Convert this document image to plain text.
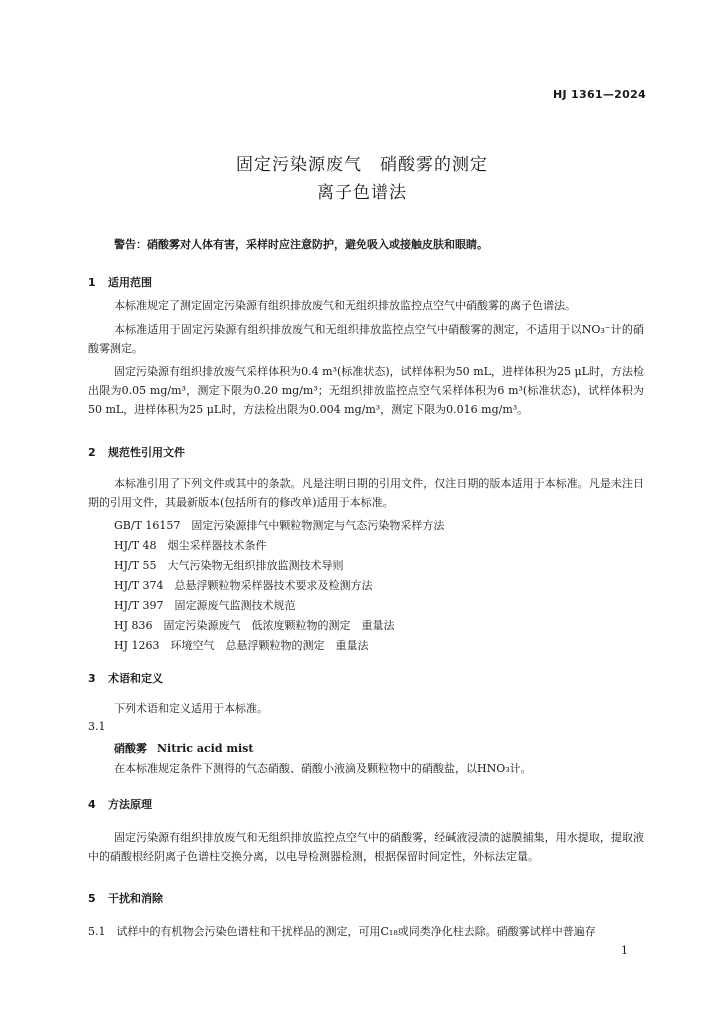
HJ 1361—2024
固定污染源废气　硝酸雾的测定
离子色谱法
警告：硝酸雾对人体有害，采样时应注意防护，避免吸入或接触皮肤和眼睛。
1 适用范围
本标准规定了测定固定污染源有组织排放废气和无组织排放监控点空气中硝酸雾的离子色谱法。
本标准适用于固定污染源有组织排放废气和无组织排放监控点空气中硝酸雾的测定，不适用于以NO₃⁻计的硝酸雾测定。
固定污染源有组织排放废气采样体积为0.4 m³(标准状态)，试样体积为50 mL，进样体积为25 μL时，方法检出限为0.05 mg/m³，测定下限为0.20 mg/m³；无组织排放监控点空气采样体积为6 m³(标准状态)，试样体积为50 mL，进样体积为25 μL时，方法检出限为0.004 mg/m³，测定下限为0.016 mg/m³。
2 规范性引用文件
本标准引用了下列文件或其中的条款。凡是注明日期的引用文件，仅注日期的版本适用于本标准。凡是未注日期的引用文件，其最新版本(包括所有的修改单)适用于本标准。
GB/T 16157　固定污染源排气中颗粒物测定与气态污染物采样方法
HJ/T 48　烟尘采样器技术条件
HJ/T 55　大气污染物无组织排放监测技术导则
HJ/T 374　总悬浮颗粒物采样器技术要求及检测方法
HJ/T 397　固定源废气监测技术规范
HJ 836　固定污染源废气　低浓度颗粒物的测定　重量法
HJ 1263　环境空气　总悬浮颗粒物的测定　重量法
3 术语和定义
下列术语和定义适用于本标准。
3.1
硝酸雾 Nitric acid mist
在本标准规定条件下测得的气态硝酸、硝酸小液滴及颗粒物中的硝酸盐，以HNO₃计。
4 方法原理
固定污染源有组织排放废气和无组织排放监控点空气中的硝酸雾，经碱液浸渍的滤膜捕集，用水提取，提取液中的硝酸根经阴离子色谱柱交换分离，以电导检测器检测，根据保留时间定性，外标法定量。
5 干扰和消除
5.1　试样中的有机物会污染色谱柱和干扰样品的测定，可用C₁₈或同类净化柱去除。硝酸雾试样中普遍存
1
